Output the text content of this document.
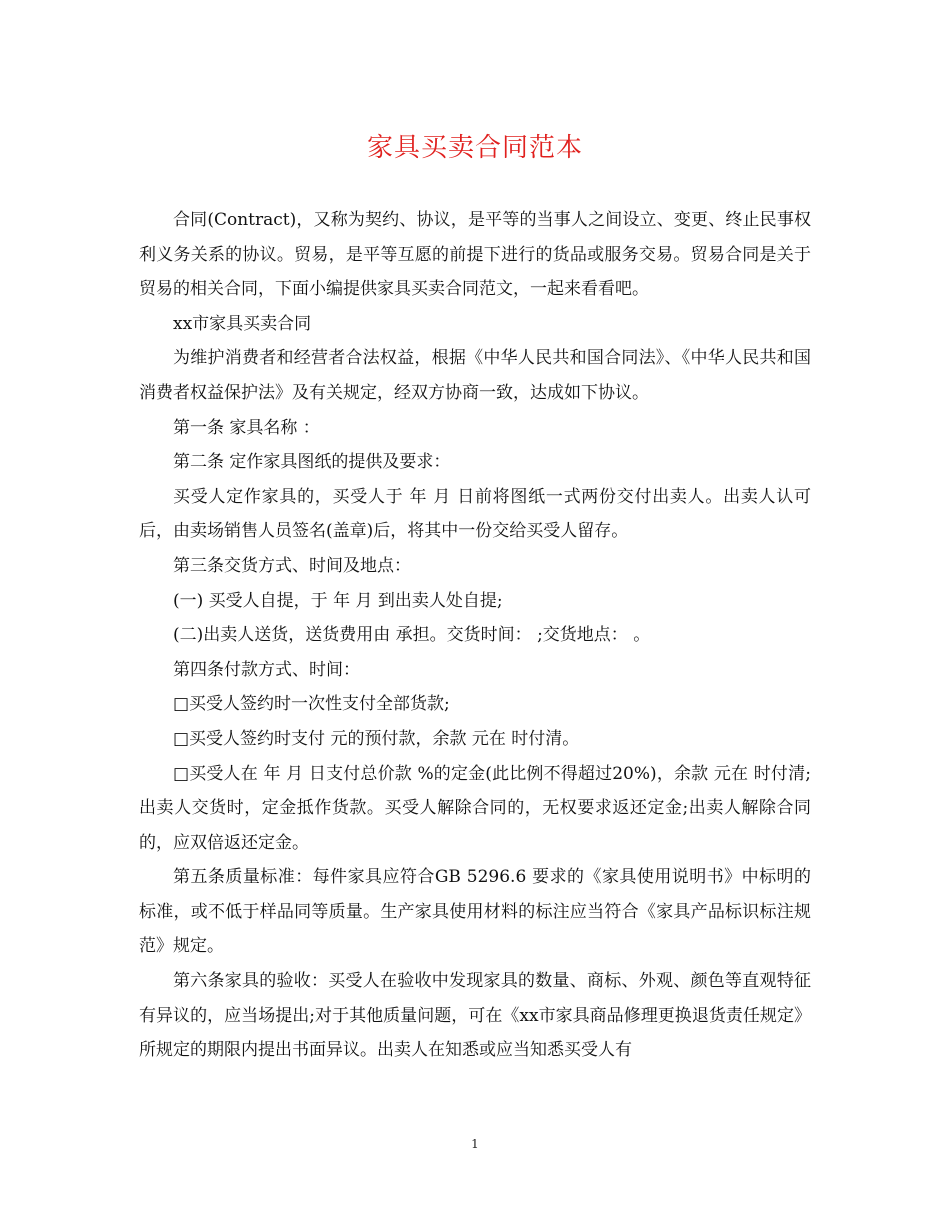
家具买卖合同范本

合同(Contract)，又称为契约、协议，是平等的当事人之间设立、变更、终止民事权利义务关系的协议。贸易，是平等互愿的前提下进行的货品或服务交易。贸易合同是关于贸易的相关合同，下面小编提供家具买卖合同范文，一起来看看吧。

xx市家具买卖合同

为维护消费者和经营者合法权益，根据《中华人民共和国合同法》、《中华人民共和国消费者权益保护法》及有关规定，经双方协商一致，达成如下协议。

第一条 家具名称 ：

第二条 定作家具图纸的提供及要求：

买受人定作家具的，买受人于 年 月 日前将图纸一式两份交付出卖人。出卖人认可后，由卖场销售人员签名(盖章)后，将其中一份交给买受人留存。

第三条交货方式、时间及地点：

(一) 买受人自提，于 年 月 到出卖人处自提;

(二)出卖人送货，送货费用由 承担。交货时间： ;交货地点： 。

第四条付款方式、时间：

□买受人签约时一次性支付全部货款;

□买受人签约时支付 元的预付款，余款 元在 时付清。

□买受人在 年 月 日支付总价款 %的定金(此比例不得超过20%)，余款 元在 时付清;出卖人交货时，定金抵作货款。买受人解除合同的，无权要求返还定金;出卖人解除合同的，应双倍返还定金。

第五条质量标准：每件家具应符合GB 5296.6 要求的《家具使用说明书》中标明的标准，或不低于样品同等质量。生产家具使用材料的标注应当符合《家具产品标识标注规范》规定。

第六条家具的验收：买受人在验收中发现家具的数量、商标、外观、颜色等直观特征有异议的，应当场提出;对于其他质量问题，可在《xx市家具商品修理更换退货责任规定》所规定的期限内提出书面异议。出卖人在知悉或应当知悉买受人有

1
